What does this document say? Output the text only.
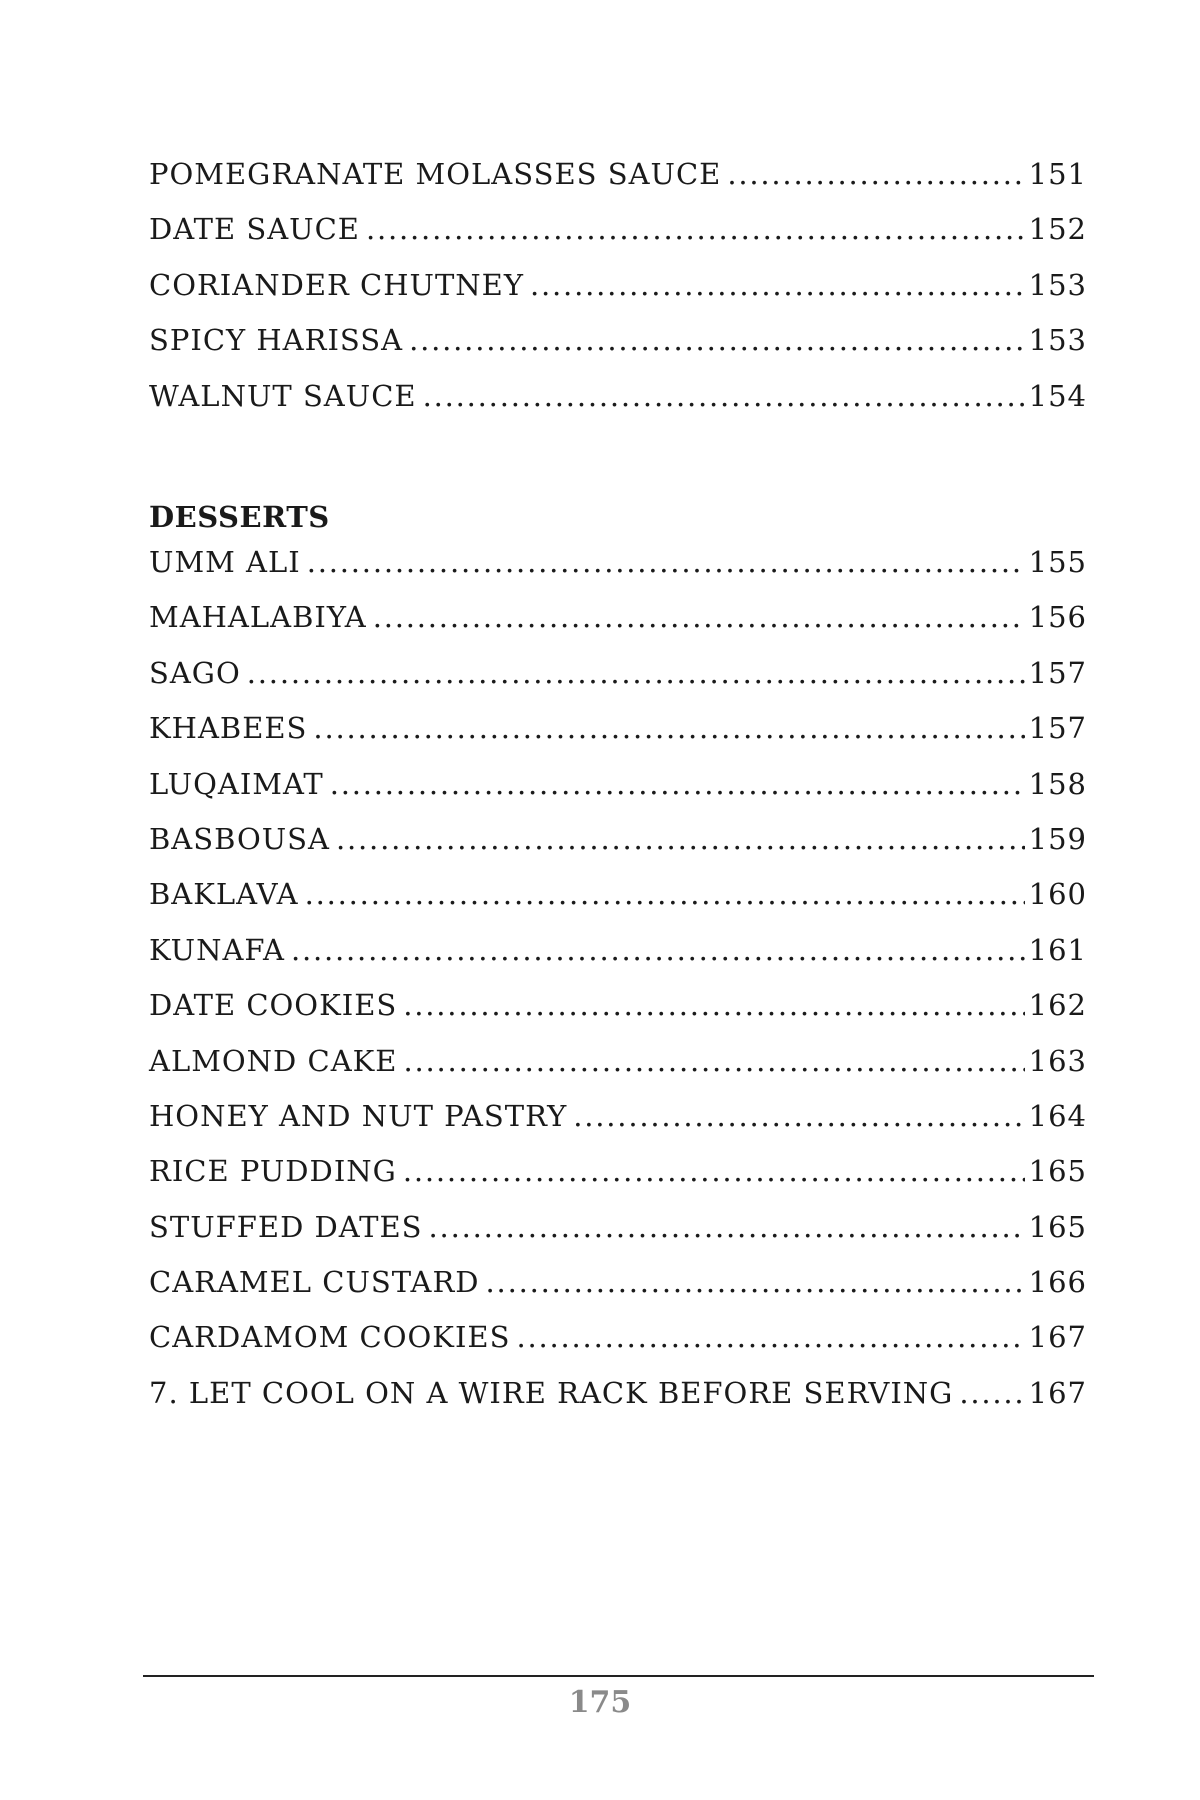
POMEGRANATE MOLASSES SAUCE .....	151
DATE SAUCE .....	152
CORIANDER CHUTNEY .....	153
SPICY HARISSA .....	153
WALNUT SAUCE .....	154
DESSERTS
UMM ALI .....	155
MAHALABIYA .....	156
SAGO .....	157
KHABEES .....	157
LUQAIMAT .....	158
BASBOUSA .....	159
BAKLAVA .....	160
KUNAFA .....	161
DATE COOKIES .....	162
ALMOND CAKE .....	163
HONEY AND NUT PASTRY .....	164
RICE PUDDING .....	165
STUFFED DATES .....	165
CARAMEL CUSTARD .....	166
CARDAMOM COOKIES .....	167
7. LET COOL ON A WIRE RACK BEFORE SERVING .....	167
175
